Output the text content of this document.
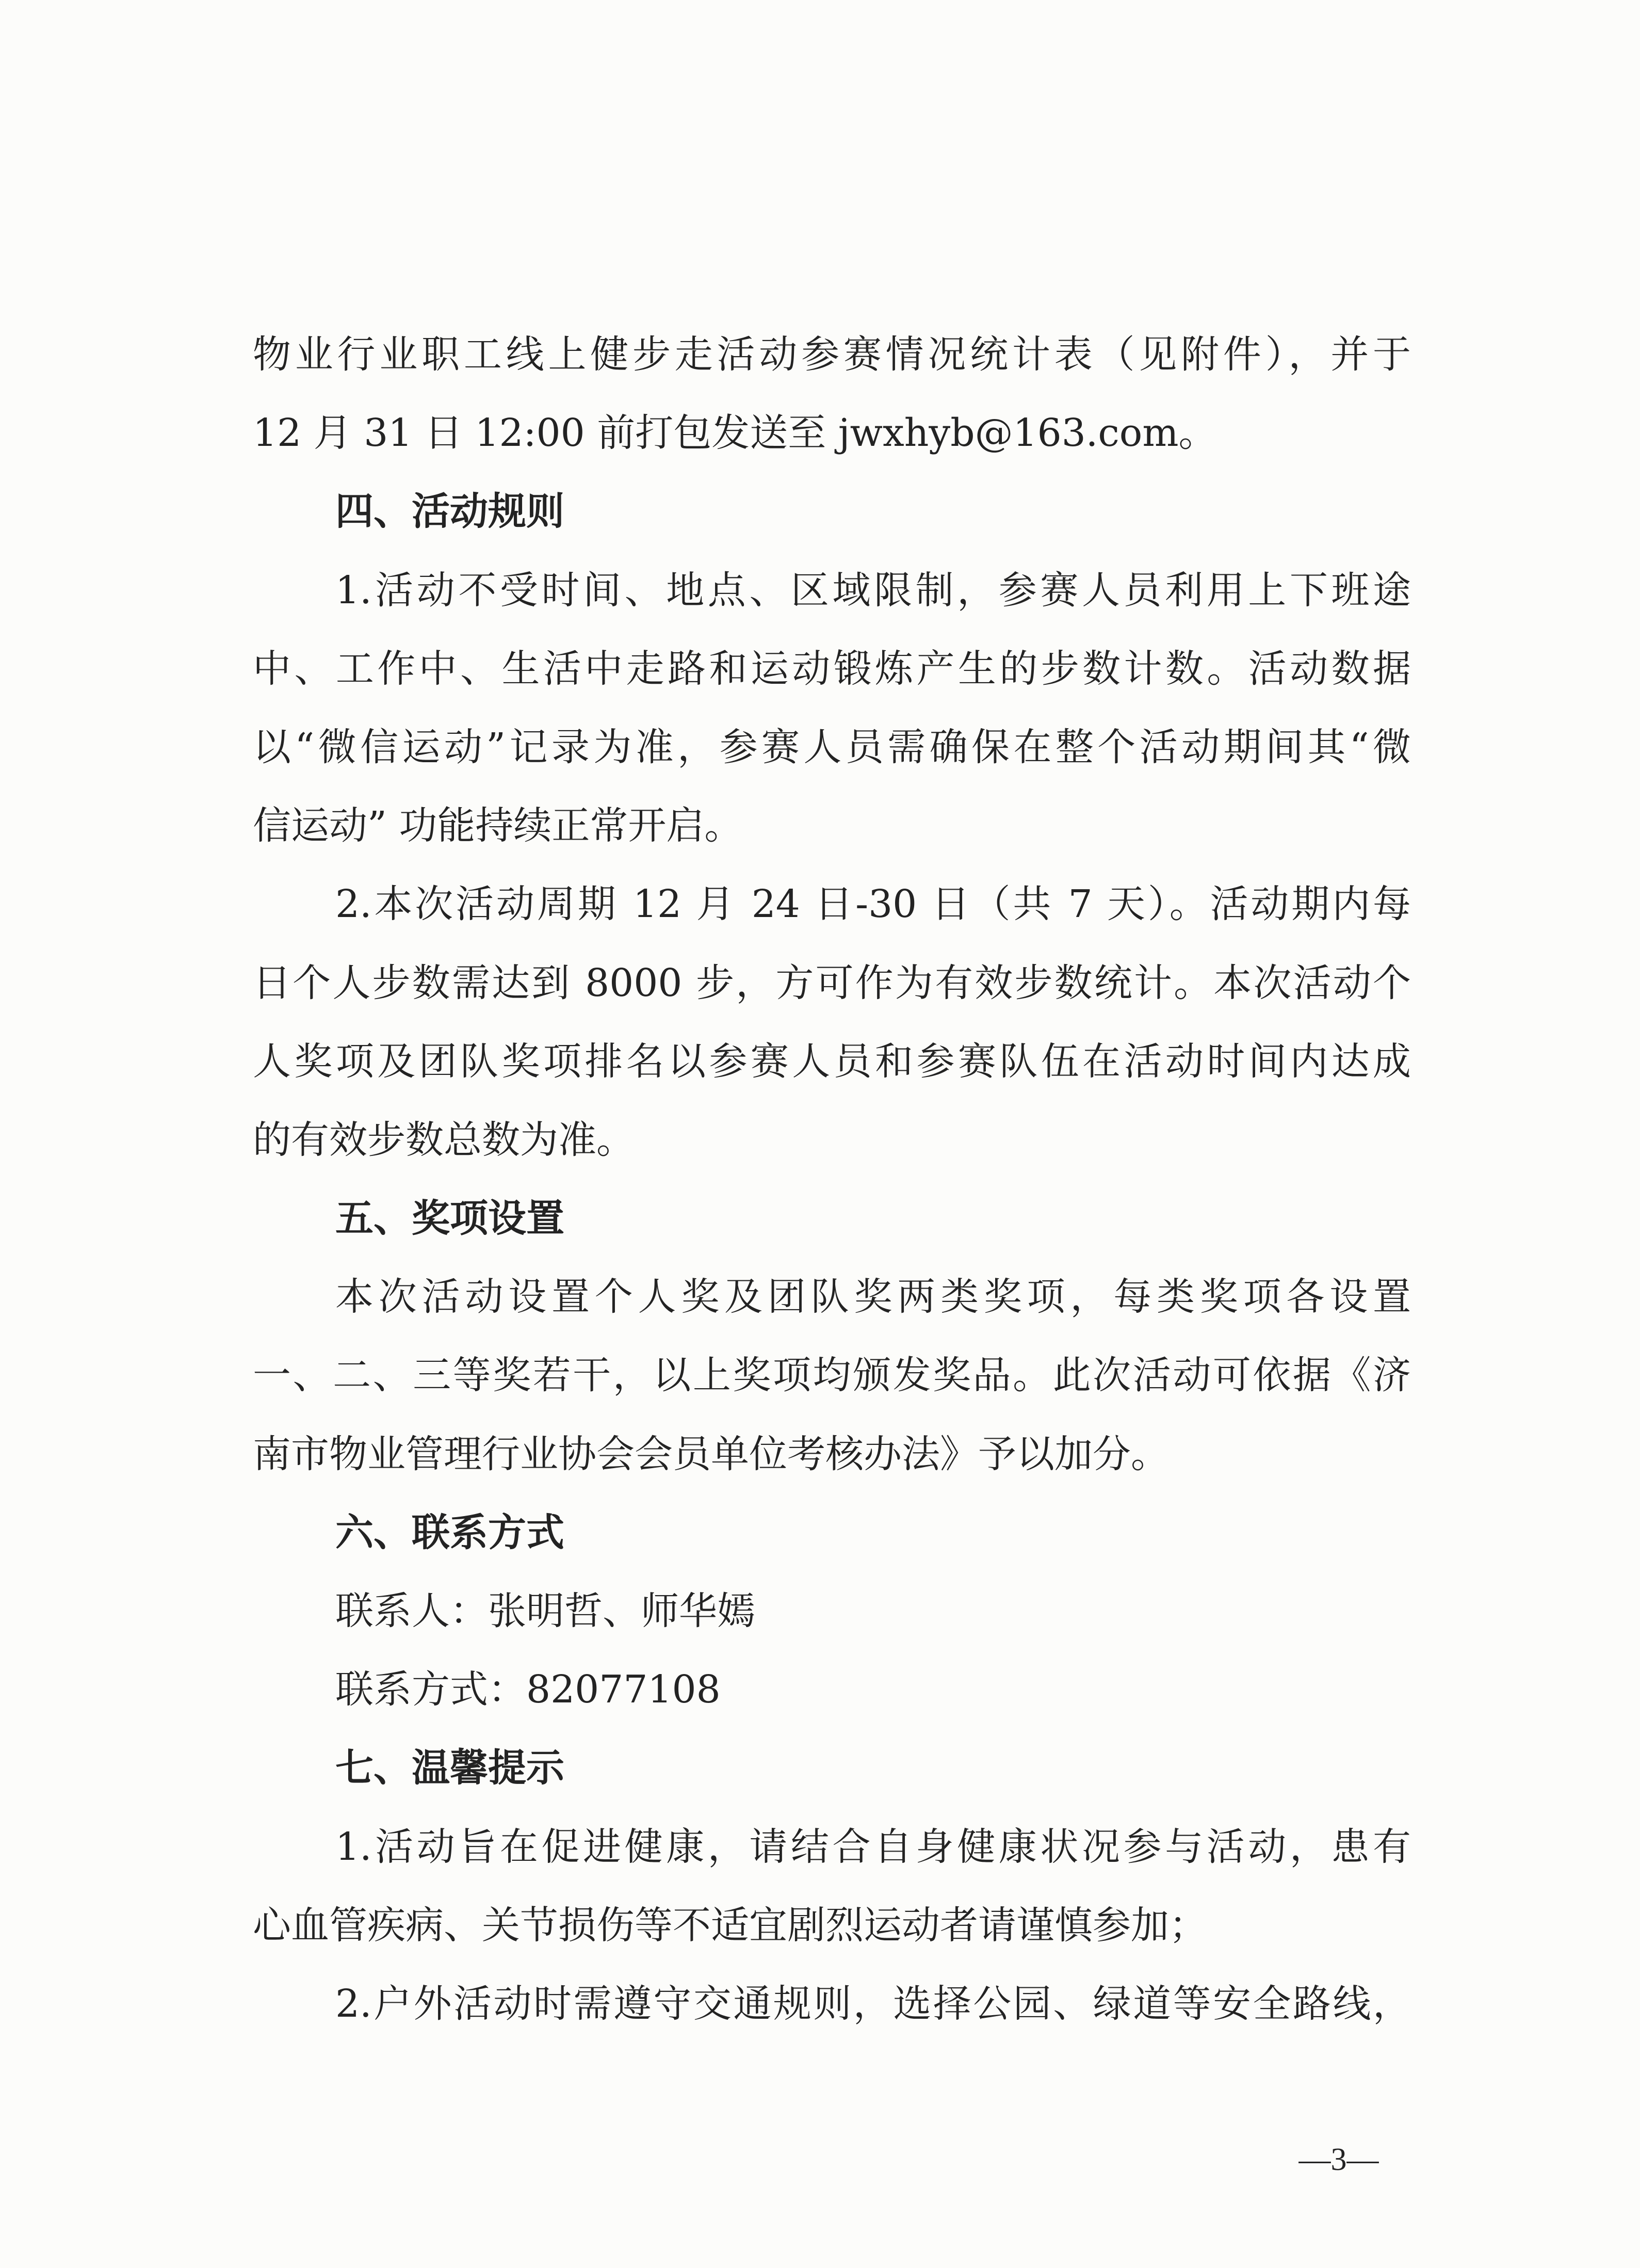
物业行业职工线上健步走活动参赛情况统计表（见附件），并于
12 月 31 日 12:00 前打包发送至 jwxhyb@163.com。
四、活动规则
1.活动不受时间、地点、区域限制，参赛人员利用上下班途
中、工作中、生活中走路和运动锻炼产生的步数计数。活动数据
以“微信运动”记录为准，参赛人员需确保在整个活动期间其“微
信运动” 功能持续正常开启。
2.本次活动周期 12 月 24 日-30 日（共 7 天）。活动期内每
日个人步数需达到 8000 步，方可作为有效步数统计。本次活动个
人奖项及团队奖项排名以参赛人员和参赛队伍在活动时间内达成
的有效步数总数为准。
五、奖项设置
本次活动设置个人奖及团队奖两类奖项，每类奖项各设置
一、二、三等奖若干，以上奖项均颁发奖品。此次活动可依据《济
南市物业管理行业协会会员单位考核办法》予以加分。
六、联系方式
联系人：张明哲、师华嫣
联系方式：82077108
七、温馨提示
1.活动旨在促进健康，请结合自身健康状况参与活动，患有
心血管疾病、关节损伤等不适宜剧烈运动者请谨慎参加；
2.户外活动时需遵守交通规则，选择公园、绿道等安全路线，
—3—
